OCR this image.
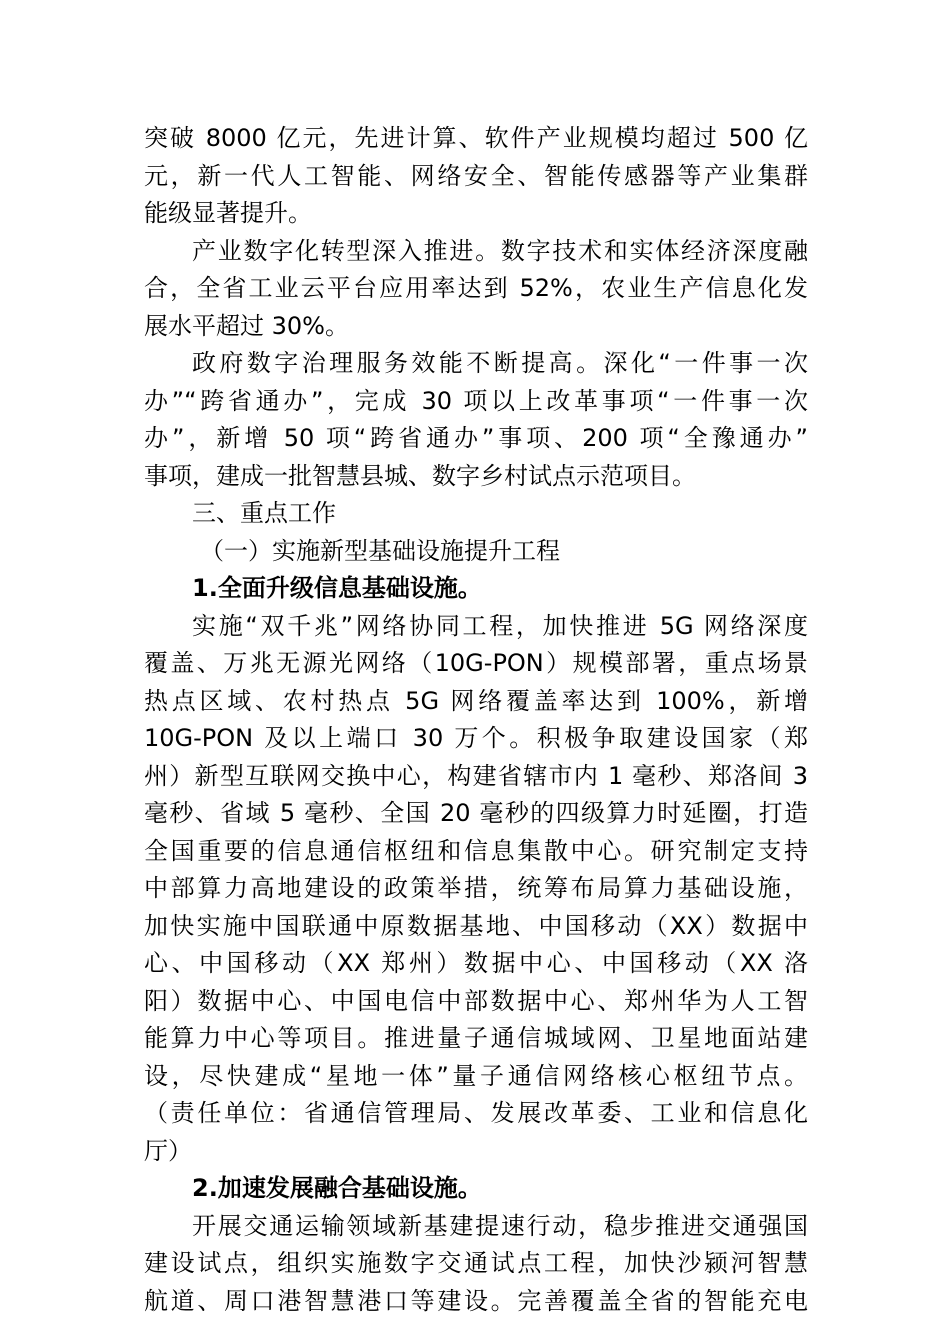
突破 8000 亿元，先进计算、软件产业规模均超过 500 亿
元，新一代人工智能、网络安全、智能传感器等产业集群
能级显著提升。
产业数字化转型深入推进。数字技术和实体经济深度融
合，全省工业云平台应用率达到 52%，农业生产信息化发
展水平超过 30%。
政府数字治理服务效能不断提高。深化“一件事一次
办”“跨省通办”，完成 30 项以上改革事项“一件事一次
办”，新增 50 项“跨省通办”事项、200 项“全豫通办”
事项，建成一批智慧县城、数字乡村试点示范项目。
三、重点工作
（一）实施新型基础设施提升工程
1.全面升级信息基础设施。
实施“双千兆”网络协同工程，加快推进 5G 网络深度
覆盖、万兆无源光网络（10G-PON）规模部署，重点场景
热点区域、农村热点 5G 网络覆盖率达到 100%，新增
10G-PON 及以上端口 30 万个。积极争取建设国家（郑
州）新型互联网交换中心，构建省辖市内 1 毫秒、郑洛间 3
毫秒、省域 5 毫秒、全国 20 毫秒的四级算力时延圈，打造
全国重要的信息通信枢纽和信息集散中心。研究制定支持
中部算力高地建设的政策举措，统筹布局算力基础设施，
加快实施中国联通中原数据基地、中国移动（XX）数据中
心、中国移动（XX 郑州）数据中心、中国移动（XX 洛
阳）数据中心、中国电信中部数据中心、郑州华为人工智
能算力中心等项目。推进量子通信城域网、卫星地面站建
设，尽快建成“星地一体”量子通信网络核心枢纽节点。
（责任单位：省通信管理局、发展改革委、工业和信息化
厅）
2.加速发展融合基础设施。
开展交通运输领域新基建提速行动，稳步推进交通强国
建设试点，组织实施数字交通试点工程，加快沙颍河智慧
航道、周口港智慧港口等建设。完善覆盖全省的智能充电
